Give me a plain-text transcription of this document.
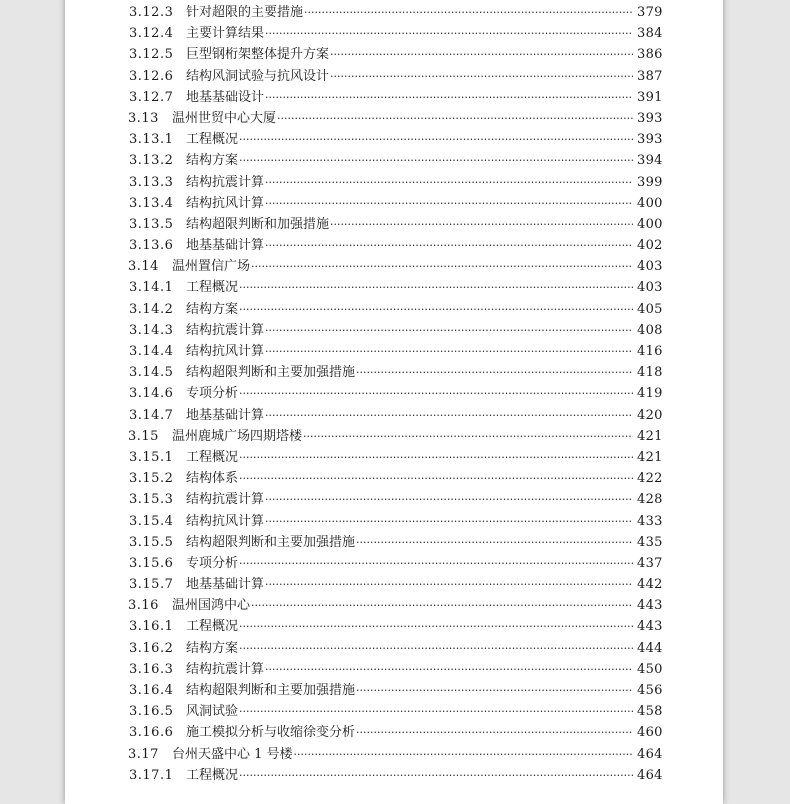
3.12.3 针对超限的主要措施 ·····	379
3.12.4 主要计算结果 ·····	384
3.12.5 巨型钢桁架整体提升方案 ·····	386
3.12.6 结构风洞试验与抗风设计 ·····	387
3.12.7 地基基础设计 ·····	391
3.13	温州世贸中心大厦 ·····	393
3.13.1 工程概况 ·····	393
3.13.2 结构方案 ·····	394
3.13.3 结构抗震计算 ·····	399
3.13.4 结构抗风计算 ·····	400
3.13.5 结构超限判断和加强措施 ·····	400
3.13.6 地基基础计算 ·····	402
3.14	温州置信广场 ·····	403
3.14.1 工程概况 ·····	403
3.14.2 结构方案 ·····	405
3.14.3 结构抗震计算 ·····	408
3.14.4 结构抗风计算 ·····	416
3.14.5 结构超限判断和主要加强措施 ·····	418
3.14.6 专项分析 ·····	419
3.14.7 地基基础计算 ·····	420
3.15	温州鹿城广场四期塔楼 ·····	421
3.15.1 工程概况 ·····	421
3.15.2 结构体系 ·····	422
3.15.3 结构抗震计算 ·····	428
3.15.4 结构抗风计算 ·····	433
3.15.5 结构超限判断和主要加强措施 ·····	435
3.15.6 专项分析 ·····	437
3.15.7 地基基础计算 ·····	442
3.16	温州国鸿中心 ·····	443
3.16.1 工程概况 ·····	443
3.16.2 结构方案 ·····	444
3.16.3 结构抗震计算 ·····	450
3.16.4 结构超限判断和主要加强措施 ·····	456
3.16.5 风洞试验 ·····	458
3.16.6 施工模拟分析与收缩徐变分析 ·····	460
3.17	台州天盛中心 1 号楼 ·····	464
3.17.1 工程概况 ·····	464
